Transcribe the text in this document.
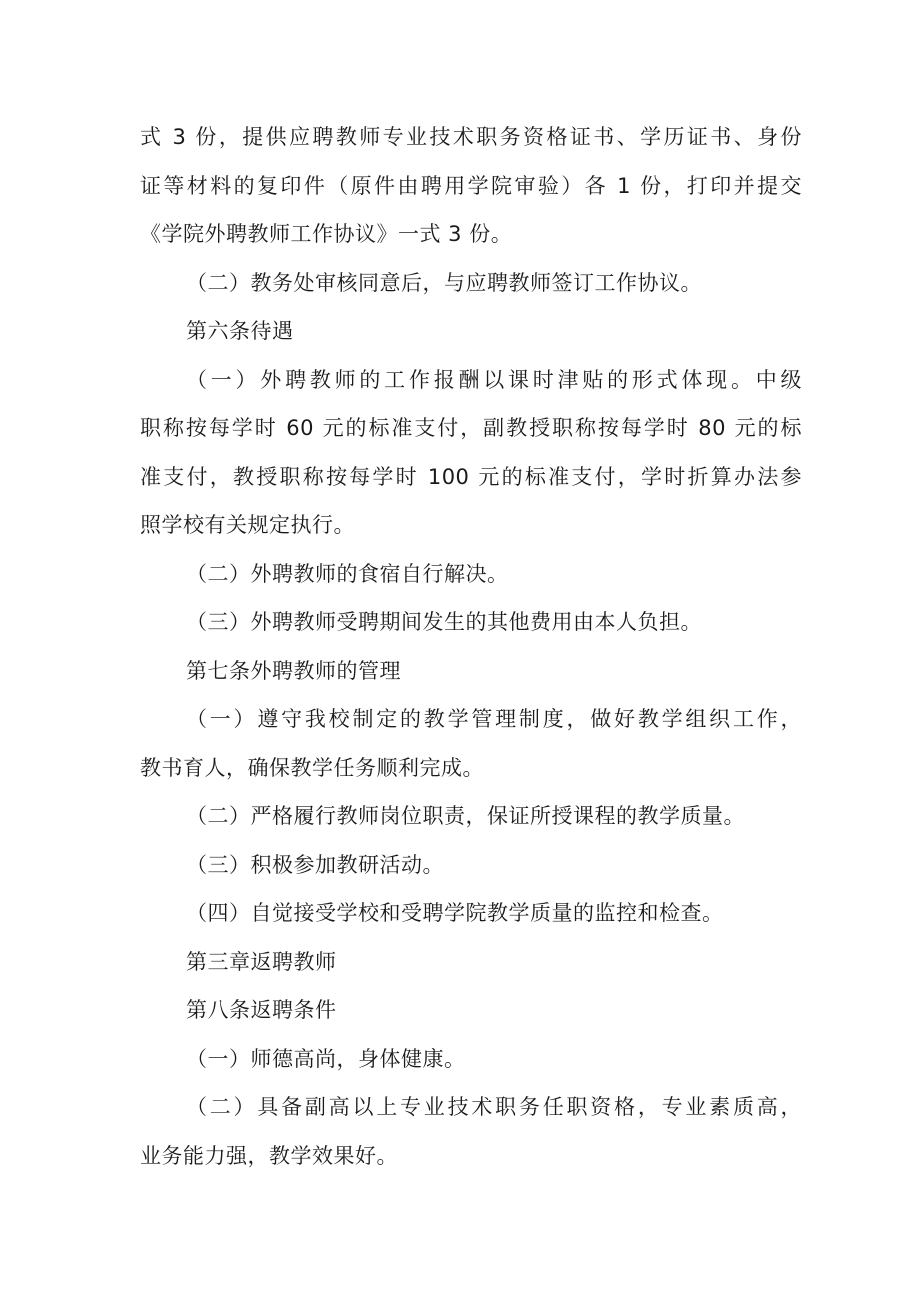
式 3 份，提供应聘教师专业技术职务资格证书、学历证书、身份
证等材料的复印件（原件由聘用学院审验）各 1 份，打印并提交
《学院外聘教师工作协议》一式 3 份。
（二）教务处审核同意后，与应聘教师签订工作协议。
第六条待遇
（一）外聘教师的工作报酬以课时津贴的形式体现。中级
职称按每学时 60 元的标准支付，副教授职称按每学时 80 元的标
准支付，教授职称按每学时 100 元的标准支付，学时折算办法参
照学校有关规定执行。
（二）外聘教师的食宿自行解决。
（三）外聘教师受聘期间发生的其他费用由本人负担。
第七条外聘教师的管理
（一）遵守我校制定的教学管理制度，做好教学组织工作，
教书育人，确保教学任务顺利完成。
（二）严格履行教师岗位职责，保证所授课程的教学质量。
（三）积极参加教研活动。
（四）自觉接受学校和受聘学院教学质量的监控和检查。
第三章返聘教师
第八条返聘条件
（一）师德高尚，身体健康。
（二）具备副高以上专业技术职务任职资格，专业素质高，
业务能力强，教学效果好。
